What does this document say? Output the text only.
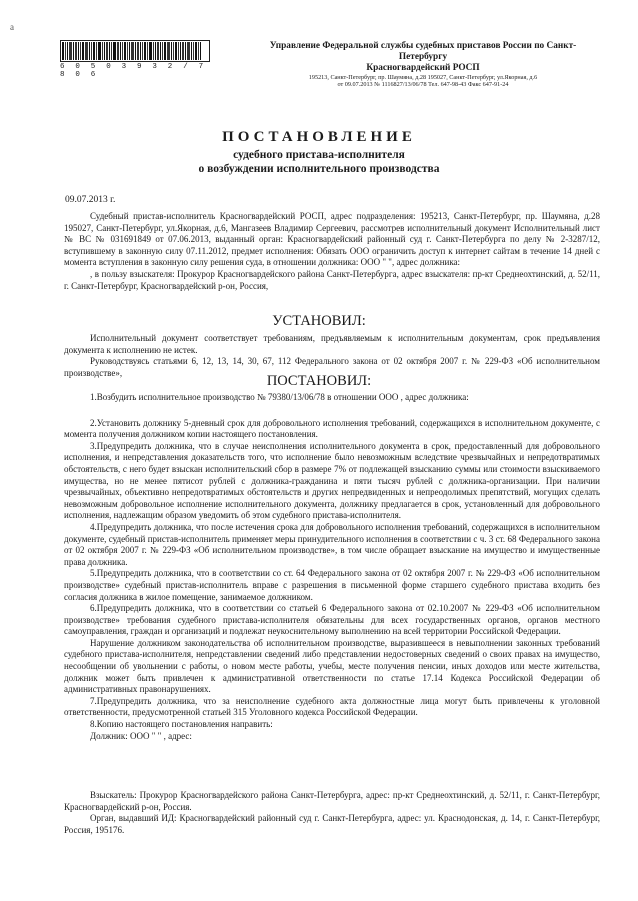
a
6 0 5 0 3 9 3 2 / 7 8 0 6
Управление Федеральной службы судебных приставов России по Санкт-
Петербургу
Красногвардейский РОСП
195213, Санкт-Петербург, пр. Шаумяна, д.28 195027, Санкт-Петербург, ул.Якорная, д.6
от 09.07.2013 № 1116827/13/06/78 Тел. 647-98-43 Факс 647-91-24
ПОСТАНОВЛЕНИЕ
судебного пристава-исполнителя
о возбуждении исполнительного производства
09.07.2013 г.

Судебный пристав-исполнитель Красногвардейский РОСП, адрес подразделения: 195213, Санкт-Петербург, пр. Шаумяна, д.28 195027, Санкт-Петербург, ул.Якорная, д.6, Мангазеев Владимир Сергеевич, рассмотрев исполнительный документ Исполнительный лист № ВС № 031691849 от 07.06.2013, выданный орган: Красногвардейский районный суд г. Санкт-Петербурга по делу № 2-3287/12, вступившему в законную силу 07.11.2012, предмет исполнения: Обязать ООО ограничить доступ к интернет сайтам в течение 14 дней с момента вступления в законную силу решения суда, в отношении должника: ООО " ", адрес должника:

, в пользу взыскателя: Прокурор Красногвардейского района Санкт-Петербурга, адрес взыскателя: пр-кт Среднеохтинский, д. 52/11, г. Санкт-Петербург, Красногвардейский р-он, Россия,

УСТАНОВИЛ:

Исполнительный документ соответствует требованиям, предъявляемым к исполнительным документам, срок предъявления документа к исполнению не истек.

Руководствуясь статьями 6, 12, 13, 14, 30, 67, 112 Федерального закона от 02 октября 2007 г. № 229-ФЗ «Об исполнительном производстве»,

ПОСТАНОВИЛ:

1.Возбудить исполнительное производство № 79380/13/06/78 в отношении ООО , адрес должника:

2.Установить должнику 5-дневный срок для добровольного исполнения требований, содержащихся в исполнительном документе, с момента получения должником копии настоящего постановления.

3.Предупредить должника, что в случае неисполнения исполнительного документа в срок, предоставленный для добровольного исполнения, и непредставления доказательств того, что исполнение было невозможным вследствие чрезвычайных и непредотвратимых обстоятельств, с него будет взыскан исполнительский сбор в размере 7% от подлежащей взысканию суммы или стоимости взыскиваемого имущества, но не менее пятисот рублей с должника-гражданина и пяти тысяч рублей с должника-организации. При наличии чрезвычайных, объективно непредотвратимых обстоятельств и других непредвиденных и непреодолимых препятствий, могущих сделать невозможным добровольное исполнение исполнительного документа, должнику предлагается в срок, установленный для добровольного исполнения, надлежащим образом уведомить об этом судебного пристава-исполнителя.

4.Предупредить должника, что после истечения срока для добровольного исполнения требований, содержащихся в исполнительном документе, судебный пристав-исполнитель применяет меры принудительного исполнения в соответствии с ч. 3 ст. 68 Федерального закона от 02 октября 2007 г. № 229-ФЗ «Об исполнительном производстве», в том числе обращает взыскание на имущество и имущественные права должника.

5.Предупредить должника, что в соответствии со ст. 64 Федерального закона от 02 октября 2007 г. № 229-ФЗ «Об исполнительном производстве» судебный пристав-исполнитель вправе с разрешения в письменной форме старшего судебного пристава входить без согласия должника в жилое помещение, занимаемое должником.

6.Предупредить должника, что в соответствии со статьей 6 Федерального закона от 02.10.2007 № 229-ФЗ «Об исполнительном производстве» требования судебного пристава-исполнителя обязательны для всех государственных органов, органов местного самоуправления, граждан и организаций и подлежат неукоснительному выполнению на всей территории Российской Федерации.

Нарушение должником законодательства об исполнительном производстве, выразившееся в невыполнении законных требований судебного пристава-исполнителя, непредставлении сведений либо представлении недостоверных сведений о своих правах на имущество, несообщении об увольнении с работы, о новом месте работы, учебы, месте получения пенсии, иных доходов или месте жительства, должник может быть привлечен к административной ответственности по статье 17.14 Кодекса Российской Федерации об административных правонарушениях.

7.Предупредить должника, что за неисполнение судебного акта должностные лица могут быть привлечены к уголовной ответственности, предусмотренной статьей 315 Уголовного кодекса Российской Федерации.

8.Копию настоящего постановления направить:

Должник: ООО " " , адрес:

Взыскатель: Прокурор Красногвардейского района Санкт-Петербурга, адрес: пр-кт Среднеохтинский, д. 52/11, г. Санкт-Петербург, Красногвардейский р-он, Россия.

Орган, выдавший ИД: Красногвардейский районный суд г. Санкт-Петербурга, адрес: ул. Краснодонская, д. 14, г. Санкт-Петербург, Россия, 195176.
